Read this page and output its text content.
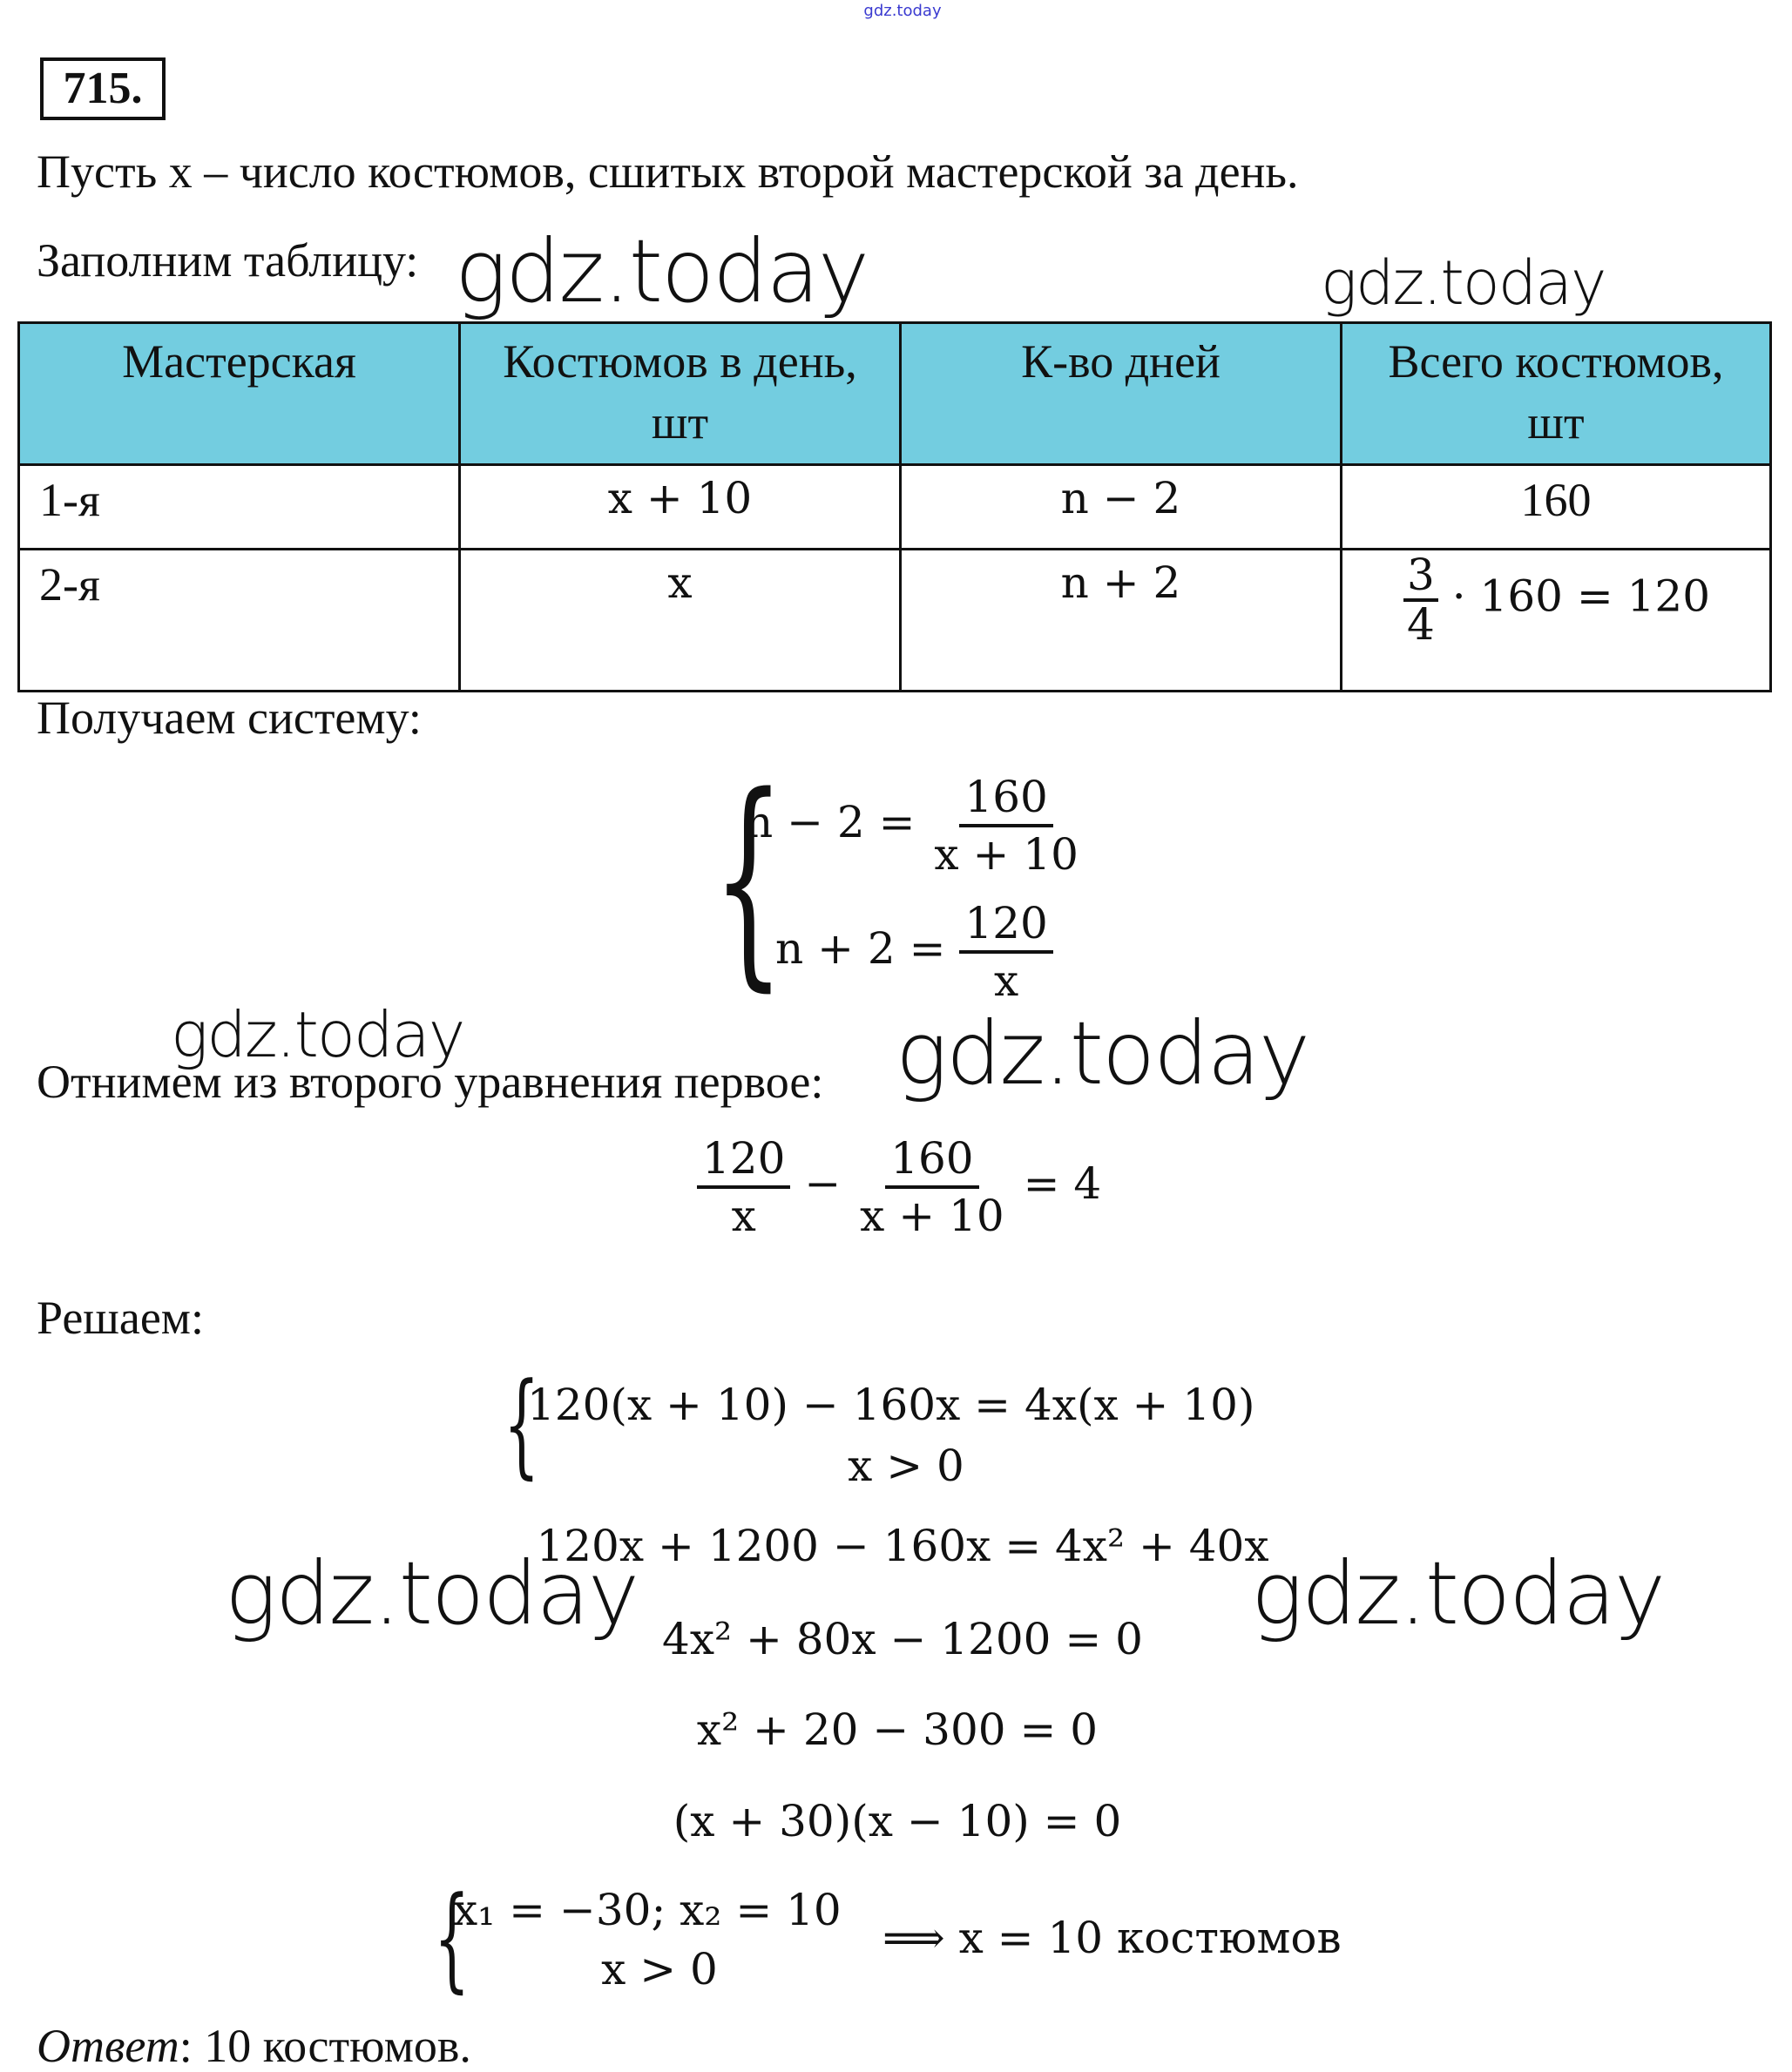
gdz.today
715.
Пусть x – число костюмов, сшитых второй мастерской за день.
Заполним таблицу: gdz.today	gdz.today
Мастерская	Костюмов в день, шт	К-во дней	Всего костюмов, шт
1-я	x + 10	n − 2	160
2-я	x	n + 2	$\frac{3}{4} \cdot 160 = 120$
Получаем систему:
{
$n - 2 = \frac{160}{x + 10}$
$n + 2 = \frac{120}{x}$
gdz.today
Отнимем из второго уравнения первое: gdz.today
$\frac{120}{x} - \frac{160}{x + 10} = 4$
Решаем:
{
120(x + 10) − 160x = 4x(x + 10)
x > 0
120x + 1200 − 160x = 4x² + 40x
gdz.today 4x² + 80x − 1200 = 0 gdz.today
x² + 20 − 300 = 0
(x + 30)(x − 10) = 0
{
x₁ = −30; x₂ = 10
x > 0
⟹ x = 10 костюмов
Ответ: 10 костюмов.
